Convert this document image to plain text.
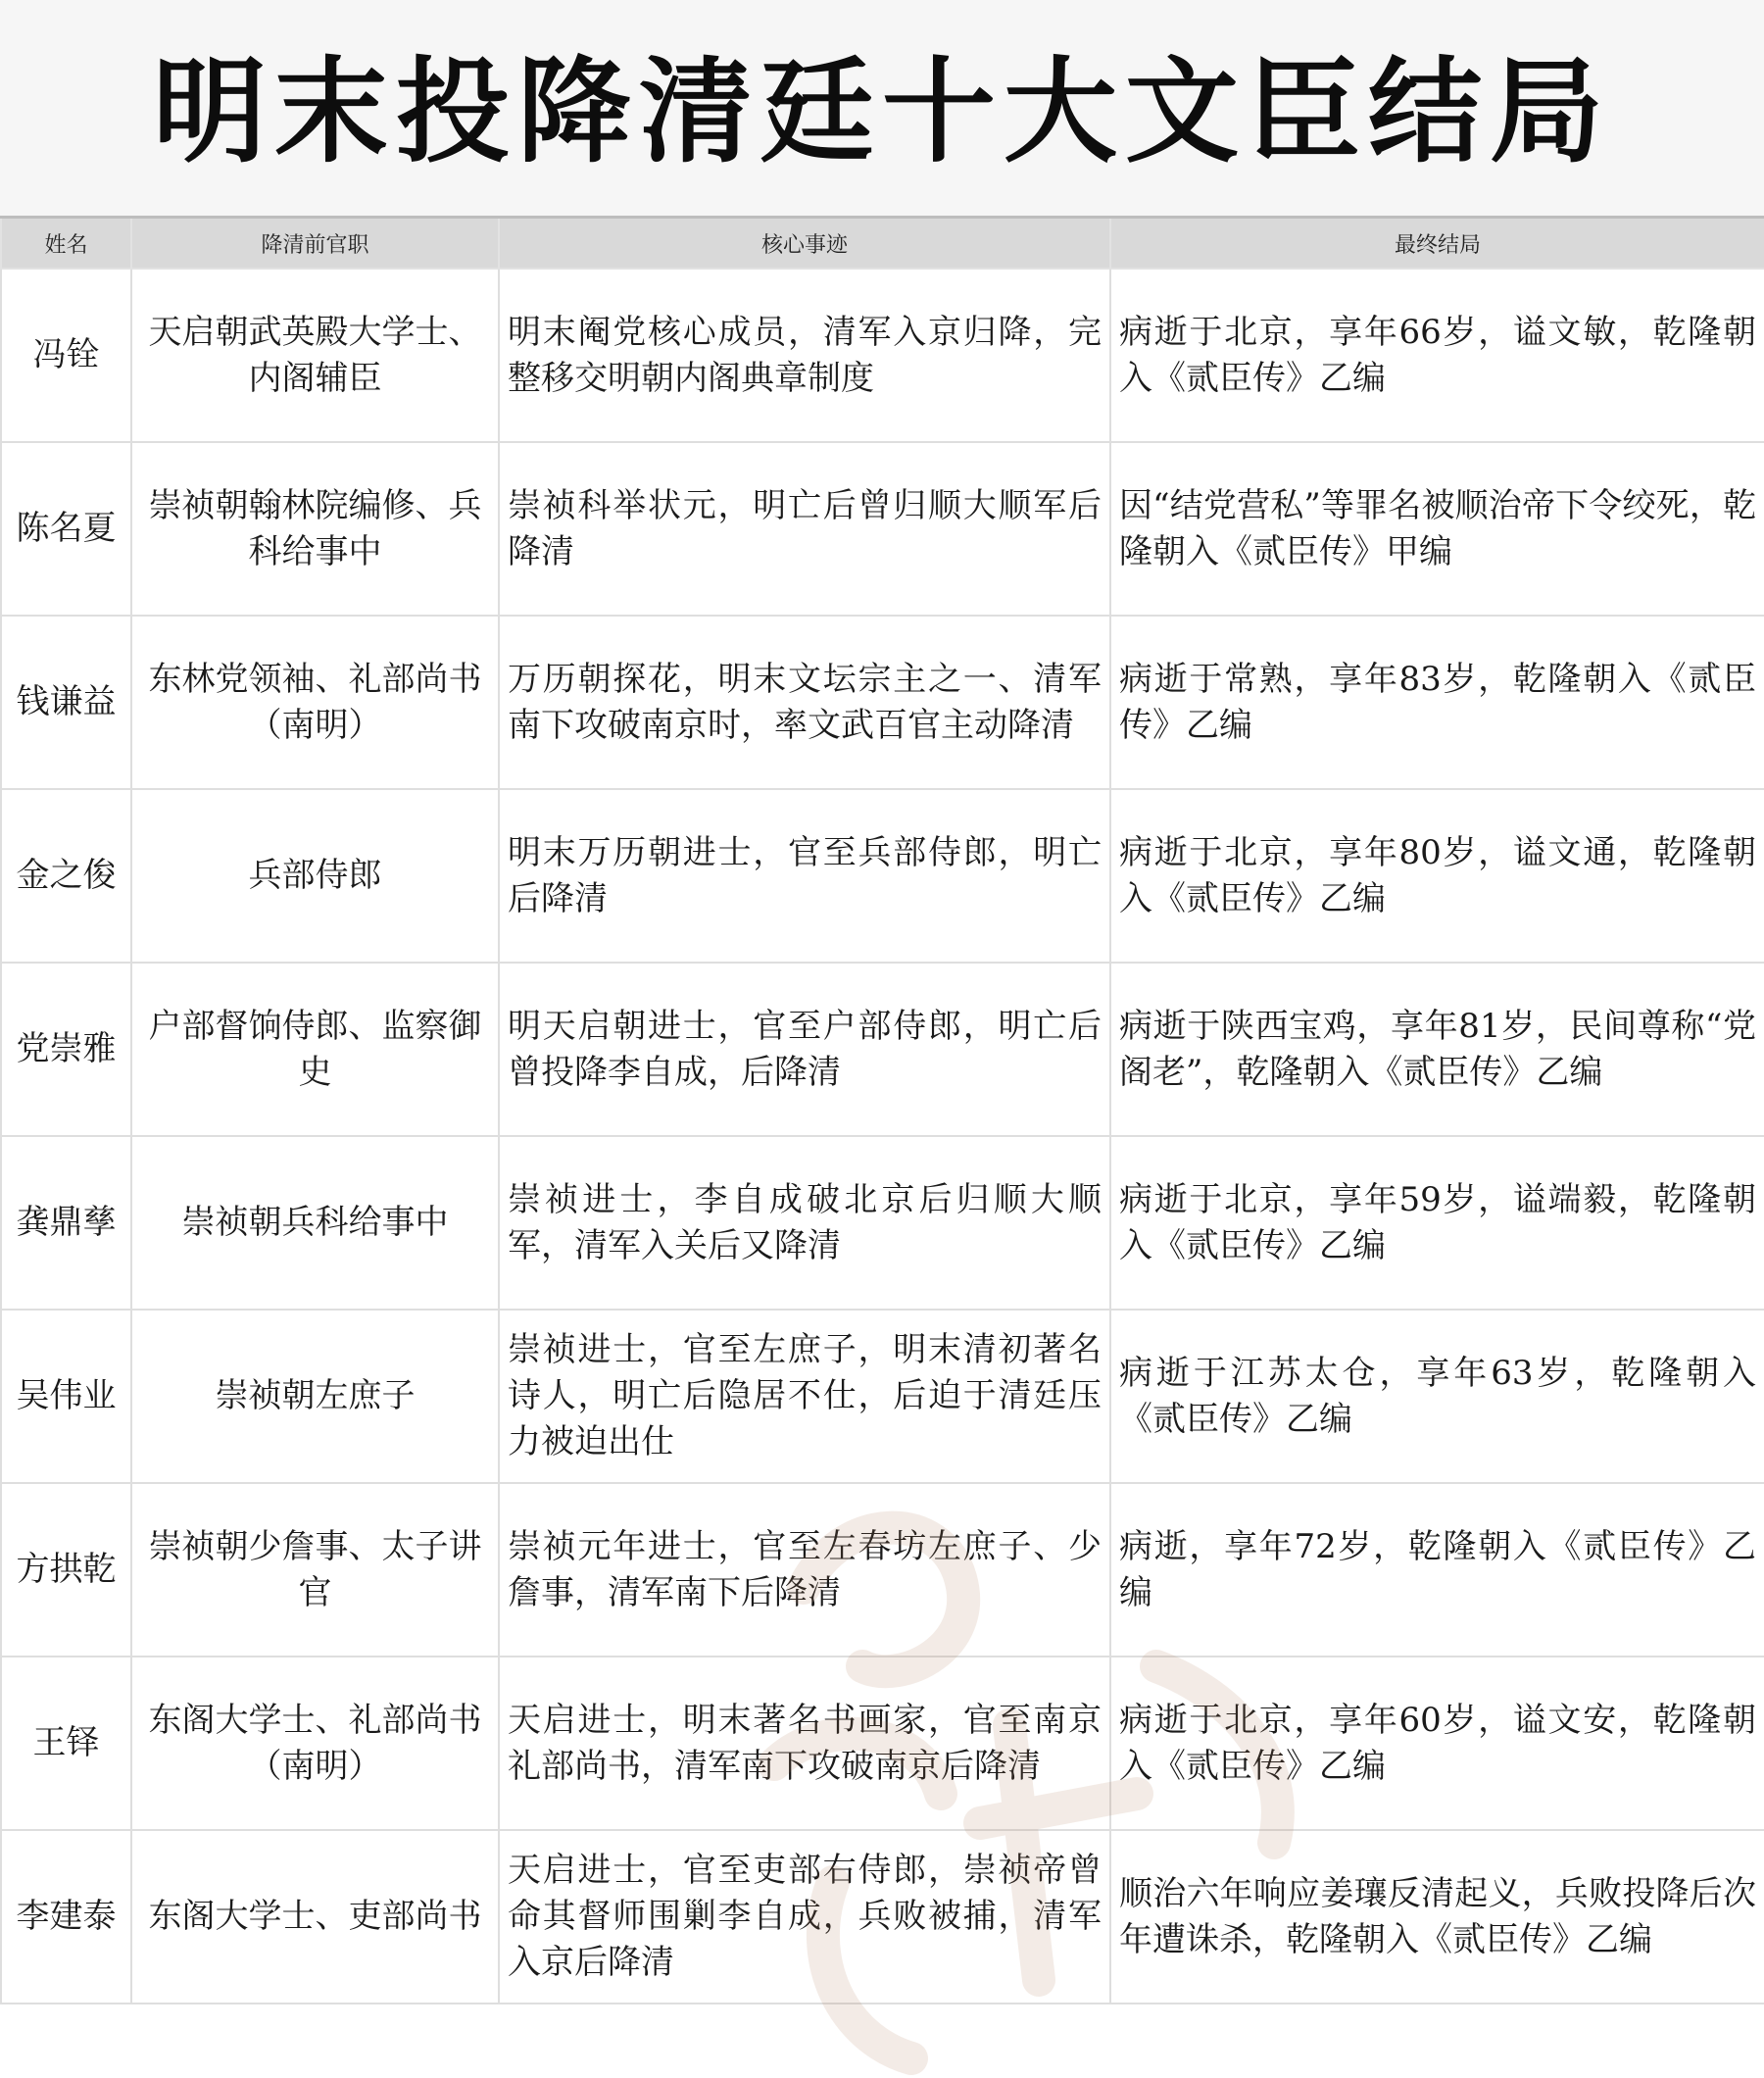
明末投降清廷十大文臣结局
姓名	降清前官职	核心事迹	最终结局
冯铨	天启朝武英殿大学士、内阁辅臣	明末阉党核心成员，清军入京归降，完整移交明朝内阁典章制度	病逝于北京，享年66岁，谥文敏，乾隆朝入《贰臣传》乙编
陈名夏	崇祯朝翰林院编修、兵科给事中	崇祯科举状元，明亡后曾归顺大顺军后降清	因“结党营私”等罪名被顺治帝下令绞死，乾隆朝入《贰臣传》甲编
钱谦益	东林党领袖、礼部尚书（南明）	万历朝探花，明末文坛宗主之一、清军南下攻破南京时，率文武百官主动降清	病逝于常熟，享年83岁，乾隆朝入《贰臣传》乙编
金之俊	兵部侍郎	明末万历朝进士，官至兵部侍郎，明亡后降清	病逝于北京，享年80岁，谥文通，乾隆朝入《贰臣传》乙编
党崇雅	户部督饷侍郎、监察御史	明天启朝进士，官至户部侍郎，明亡后曾投降李自成，后降清	病逝于陕西宝鸡，享年81岁，民间尊称“党阁老”，乾隆朝入《贰臣传》乙编
龚鼎孳	崇祯朝兵科给事中	崇祯进士，李自成破北京后归顺大顺军，清军入关后又降清	病逝于北京，享年59岁，谥端毅，乾隆朝入《贰臣传》乙编
吴伟业	崇祯朝左庶子	崇祯进士，官至左庶子，明末清初著名诗人，明亡后隐居不仕，后迫于清廷压力被迫出仕	病逝于江苏太仓，享年63岁，乾隆朝入《贰臣传》乙编
方拱乾	崇祯朝少詹事、太子讲官	崇祯元年进士，官至左春坊左庶子、少詹事，清军南下后降清	病逝，享年72岁，乾隆朝入《贰臣传》乙编
王铎	东阁大学士、礼部尚书（南明）	天启进士，明末著名书画家，官至南京礼部尚书，清军南下攻破南京后降清	病逝于北京，享年60岁，谥文安，乾隆朝入《贰臣传》乙编
李建泰	东阁大学士、吏部尚书	天启进士，官至吏部右侍郎，崇祯帝曾命其督师围剿李自成，兵败被捕，清军入京后降清	顺治六年响应姜瓖反清起义，兵败投降后次年遭诛杀，乾隆朝入《贰臣传》乙编
